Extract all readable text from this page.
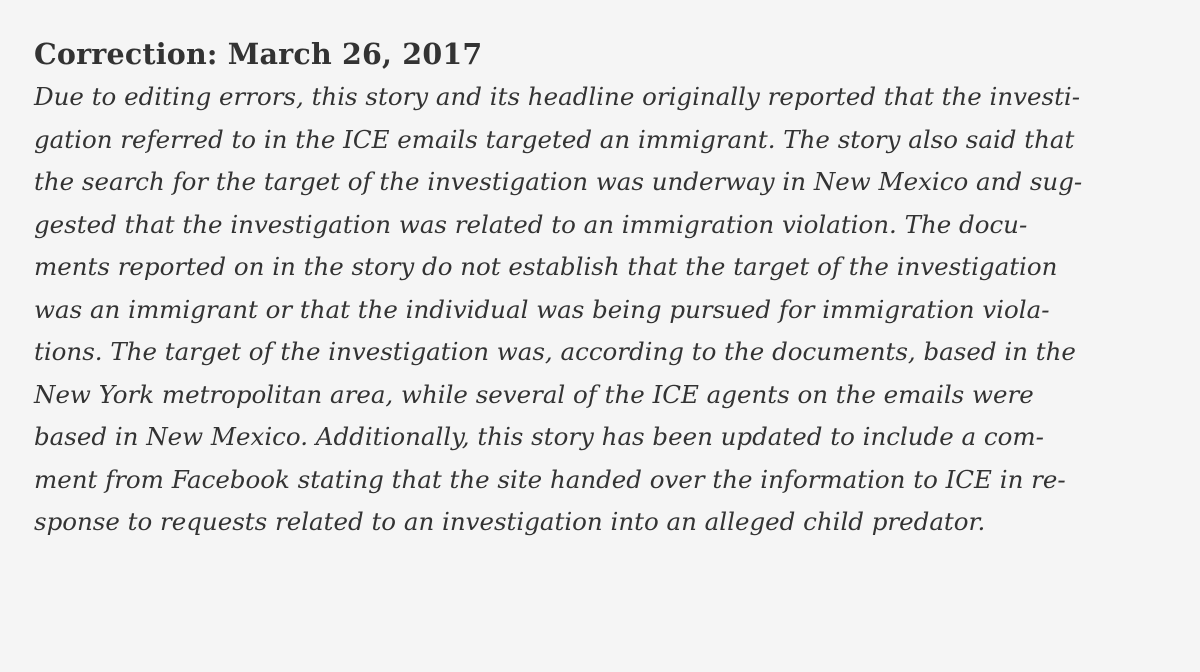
Correction: March 26, 2017
Due to editing errors, this story and its headline originally reported that the investi-
gation referred to in the ICE emails targeted an immigrant. The story also said that
the search for the target of the investigation was underway in New Mexico and sug-
gested that the investigation was related to an immigration violation. The docu-
ments reported on in the story do not establish that the target of the investigation
was an immigrant or that the individual was being pursued for immigration viola-
tions. The target of the investigation was, according to the documents, based in the
New York metropolitan area, while several of the ICE agents on the emails were
based in New Mexico. Additionally, this story has been updated to include a com-
ment from Facebook stating that the site handed over the information to ICE in re-
sponse to requests related to an investigation into an alleged child predator.
